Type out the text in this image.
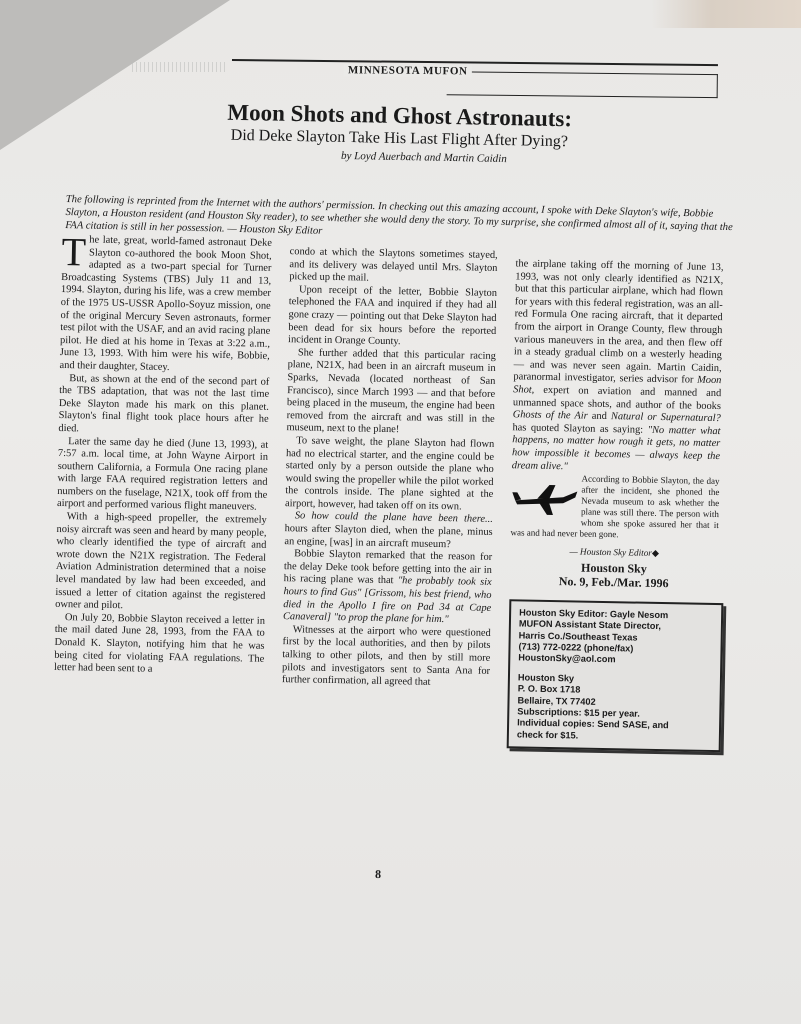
MINNESOTA MUFON
Moon Shots and Ghost Astronauts:

Did Deke Slayton Take His Last Flight After Dying?

by Loyd Auerbach and Martin Caidin

The following is reprinted from the Internet with the authors' permission. In checking out this amazing account, I spoke with Deke Slayton's wife, Bobbie Slayton, a Houston resident (and Houston Sky reader), to see whether she would deny the story. To my surprise, she confirmed almost all of it, saying that the FAA citation is still in her possession. — Houston Sky Editor

The late, great, world-famed astronaut Deke Slayton co-authored the book Moon Shot, adapted as a two-part special for Turner Broadcasting Systems (TBS) July 11 and 13, 1994. Slayton, during his life, was a crew member of the 1975 US-USSR Apollo-Soyuz mission, one of the original Mercury Seven astronauts, former test pilot with the USAF, and an avid racing plane pilot. He died at his home in Texas at 3:22 a.m., June 13, 1993. With him were his wife, Bobbie, and their daughter, Stacey.

But, as shown at the end of the second part of the TBS adaptation, that was not the last time Deke Slayton made his mark on this planet. Slayton's final flight took place hours after he died.

Later the same day he died (June 13, 1993), at 7:57 a.m. local time, at John Wayne Airport in southern California, a Formula One racing plane with large FAA required registration letters and numbers on the fuselage, N21X, took off from the airport and performed various flight maneuvers.

With a high-speed propeller, the extremely noisy aircraft was seen and heard by many people, who clearly identified the type of aircraft and wrote down the N21X registration. The Federal Aviation Administration determined that a noise level mandated by law had been exceeded, and issued a letter of citation against the registered owner and pilot.

On July 20, Bobbie Slayton received a letter in the mail dated June 28, 1993, from the FAA to Donald K. Slayton, notifying him that he was being cited for violating FAA regulations. The letter had been sent to a

condo at which the Slaytons sometimes stayed, and its delivery was delayed until Mrs. Slayton picked up the mail.

Upon receipt of the letter, Bobbie Slayton telephoned the FAA and inquired if they had all gone crazy — pointing out that Deke Slayton had been dead for six hours before the reported incident in Orange County.

She further added that this particular racing plane, N21X, had been in an aircraft museum in Sparks, Nevada (located northeast of San Francisco), since March 1993 — and that before being placed in the museum, the engine had been removed from the aircraft and was still in the museum, next to the plane!

To save weight, the plane Slayton had flown had no electrical starter, and the engine could be started only by a person outside the plane who would swing the propeller while the pilot worked the controls inside. The plane sighted at the airport, however, had taken off on its own.

So how could the plane have been there... hours after Slayton died, when the plane, minus an engine, [was] in an aircraft museum?

Bobbie Slayton remarked that the reason for the delay Deke took before getting into the air in his racing plane was that "he probably took six hours to find Gus" [Grissom, his best friend, who died in the Apollo I fire on Pad 34 at Cape Canaveral] "to prop the plane for him."

Witnesses at the airport who were questioned first by the local authorities, and then by pilots talking to other pilots, and then by still more pilots and investigators sent to Santa Ana for further confirmation, all agreed that

the airplane taking off the morning of June 13, 1993, was not only clearly identified as N21X, but that this particular airplane, which had flown for years with this federal registration, was an all-red Formula One racing aircraft, that it departed from the airport in Orange County, flew through various maneuvers in the area, and then flew off in a steady gradual climb on a westerly heading — and was never seen again. Martin Caidin, paranormal investigator, series advisor for Moon Shot, expert on aviation and manned and unmanned space shots, and author of the books Ghosts of the Air and Natural or Supernatural? has quoted Slayton as saying: "No matter what happens, no matter how rough it gets, no matter how impossible it becomes — always keep the dream alive."

According to Bobbie Slayton, the day after the incident, she phoned the Nevada museum to ask whether the plane was still there. The person with whom she spoke assured her that it was and had never been gone.

— Houston Sky Editor◆
Houston Sky
No. 9, Feb./Mar. 1996
Houston Sky Editor: Gayle Nesom
MUFON Assistant State Director,
Harris Co./Southeast Texas
(713) 772-0222 (phone/fax)
HoustonSky@aol.com
Houston Sky
P. O. Box 1718
Bellaire, TX 77402
Subscriptions: $15 per year.
Individual copies: Send SASE, and
check for $15.
8
